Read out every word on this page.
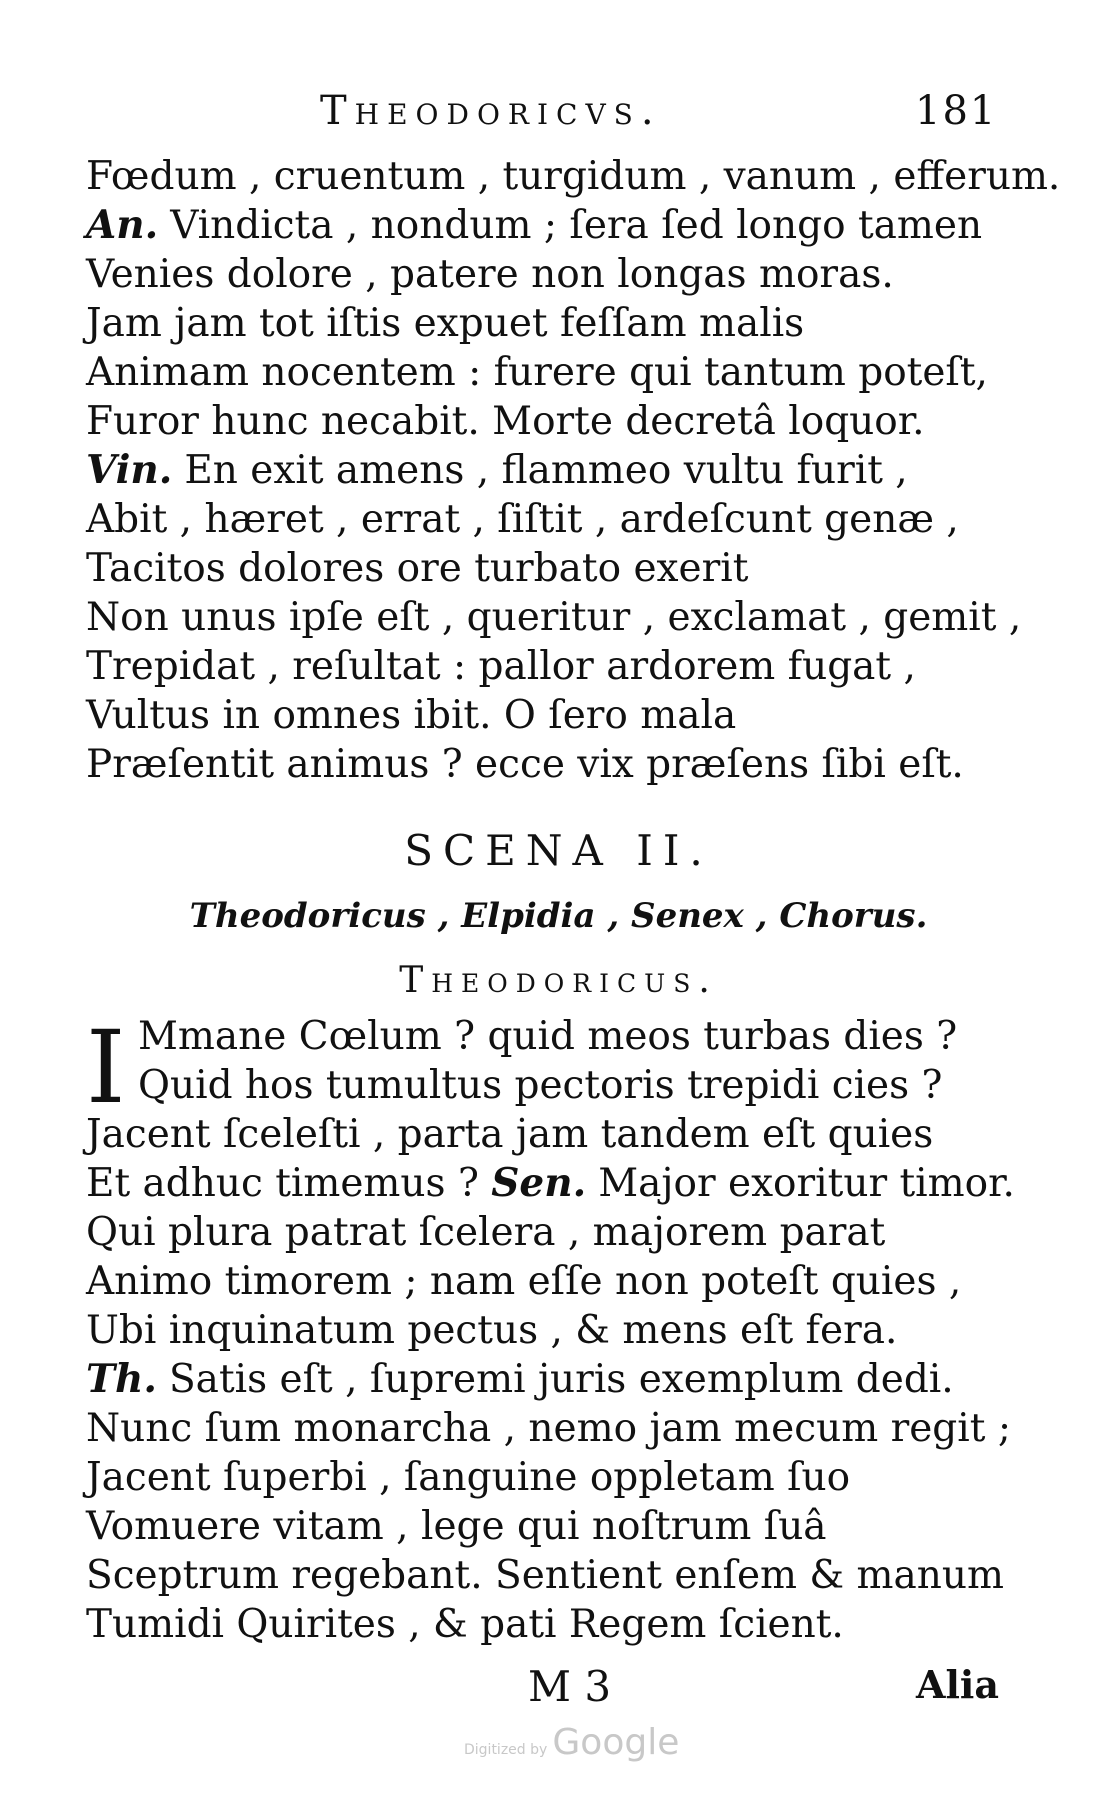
Theodoricvs.	181
Fœdum , cruentum , turgidum , vanum , efferum.
An. Vindicta , nondum ; ſera ſed longo tamen
Venies dolore , patere non longas moras.
Jam jam tot iſtis expuet feſſam malis
Animam nocentem : furere qui tantum poteſt,
Furor hunc necabit. Morte decretâ loquor.
Vin. En exit amens , flammeo vultu furit ,
Abit , hæret , errat , ſiſtit , ardeſcunt genæ ,
Tacitos dolores ore turbato exerit
Non unus ipſe eſt , queritur , exclamat , gemit ,
Trepidat , reſultat : pallor ardorem fugat ,
Vultus in omnes ibit. O ſero mala
Præſentit animus ? ecce vix præſens ſibi eſt.
SCENA II.
Theodoricus , Elpidia , Senex , Chorus.
Theodoricus.
I Mmane Cœlum ? quid meos turbas dies ?
Quid hos tumultus pectoris trepidi cies ?
Jacent ſceleſti , parta jam tandem eſt quies
Et adhuc timemus ? Sen. Major exoritur timor.
Qui plura patrat ſcelera , majorem parat
Animo timorem ; nam eſſe non poteſt quies ,
Ubi inquinatum pectus , & mens eſt fera.
Th. Satis eſt , ſupremi juris exemplum dedi.
Nunc ſum monarcha , nemo jam mecum regit ;
Jacent ſuperbi , ſanguine oppletam ſuo
Vomuere vitam , lege qui noſtrum ſuâ
Sceptrum regebant. Sentient enſem & manum
Tumidi Quirites , & pati Regem ſcient.
M 3	Alia
Digitized by Google
